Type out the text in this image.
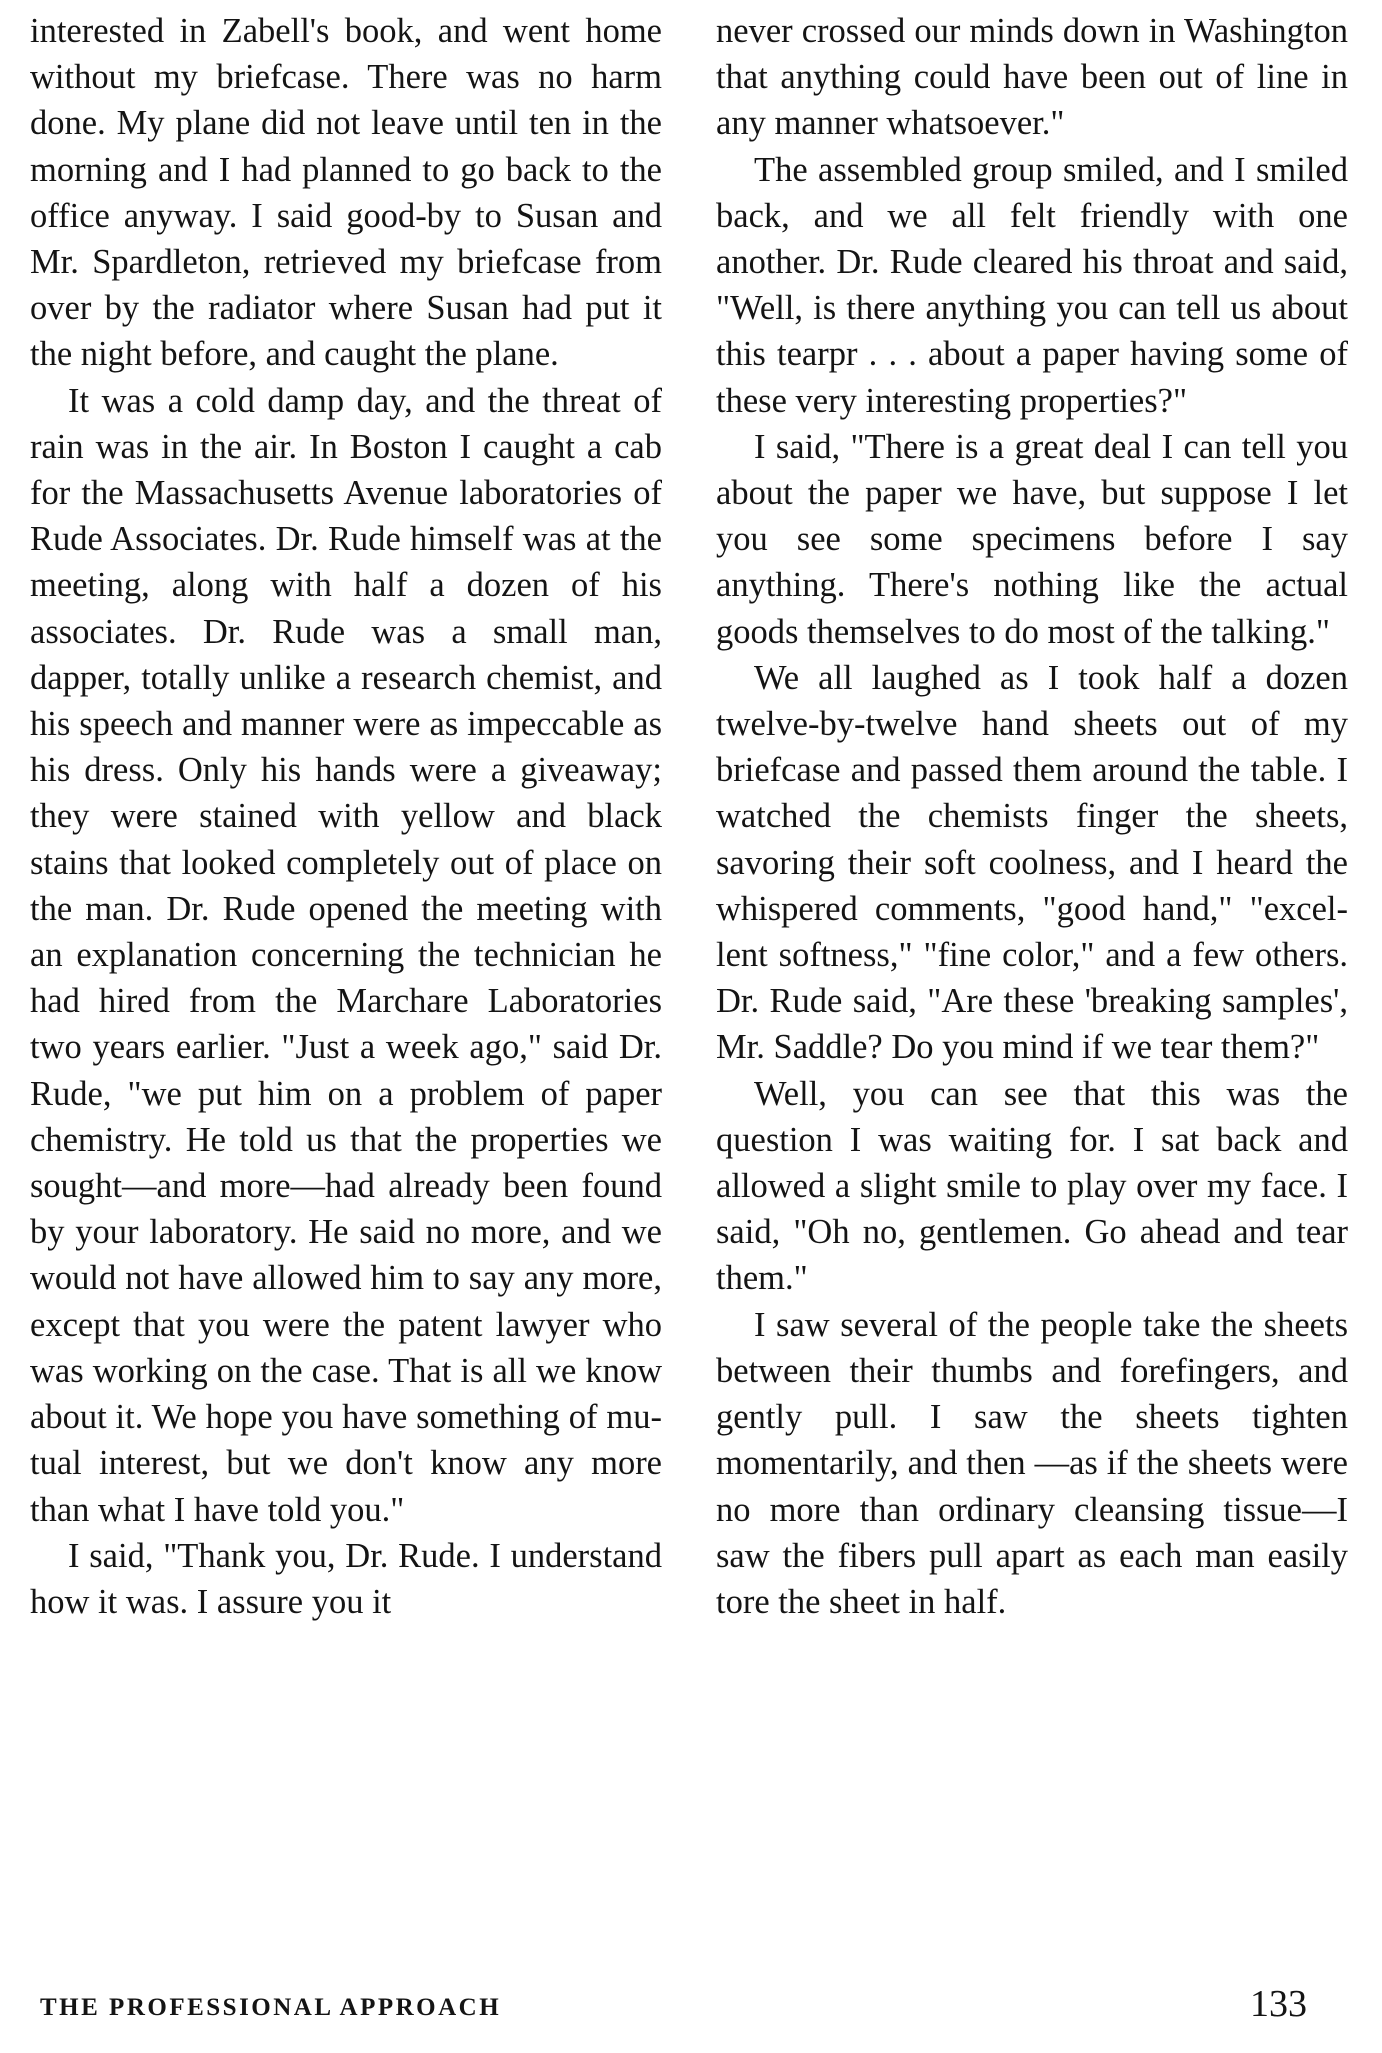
interested in Zabell's book, and went home without my briefcase. There was no harm done. My plane did not leave until ten in the morning and I had planned to go back to the office anyway. I said good-by to Susan and Mr. Spardleton, retrieved my briefcase from over by the radiator where Susan had put it the night before, and caught the plane.

It was a cold damp day, and the threat of rain was in the air. In Boston I caught a cab for the Massachusetts Avenue laboratories of Rude Associates. Dr. Rude himself was at the meeting, along with half a dozen of his associates. Dr. Rude was a small man, dapper, totally unlike a research chemist, and his speech and manner were as impeccable as his dress. Only his hands were a giveaway; they were stained with yellow and black stains that looked completely out of place on the man. Dr. Rude opened the meeting with an explanation concerning the technician he had hired from the Marchare Laboratories two years earlier. "Just a week ago," said Dr. Rude, "we put him on a problem of paper chemistry. He told us that the properties we sought—and more—had already been found by your laboratory. He said no more, and we would not have allowed him to say any more, except that you were the patent lawyer who was working on the case. That is all we know about it. We hope you have something of mutual interest, but we don't know any more than what I have told you."

I said, "Thank you, Dr. Rude. I understand how it was. I assure you it

never crossed our minds down in Washington that anything could have been out of line in any manner whatsoever."

The assembled group smiled, and I smiled back, and we all felt friendly with one another. Dr. Rude cleared his throat and said, "Well, is there anything you can tell us about this tearpr . . . about a paper having some of these very interesting properties?"

I said, "There is a great deal I can tell you about the paper we have, but suppose I let you see some specimens before I say anything. There's nothing like the actual goods themselves to do most of the talking."

We all laughed as I took half a dozen twelve-by-twelve hand sheets out of my briefcase and passed them around the table. I watched the chemists finger the sheets, savoring their soft coolness, and I heard the whispered comments, "good hand," "excellent softness," "fine color," and a few others. Dr. Rude said, "Are these 'breaking samples', Mr. Saddle? Do you mind if we tear them?"

Well, you can see that this was the question I was waiting for. I sat back and allowed a slight smile to play over my face. I said, "Oh no, gentlemen. Go ahead and tear them."

I saw several of the people take the sheets between their thumbs and forefingers, and gently pull. I saw the sheets tighten momentarily, and then —as if the sheets were no more than ordinary cleansing tissue—I saw the fibers pull apart as each man easily tore the sheet in half.

THE PROFESSIONAL APPROACH	133
